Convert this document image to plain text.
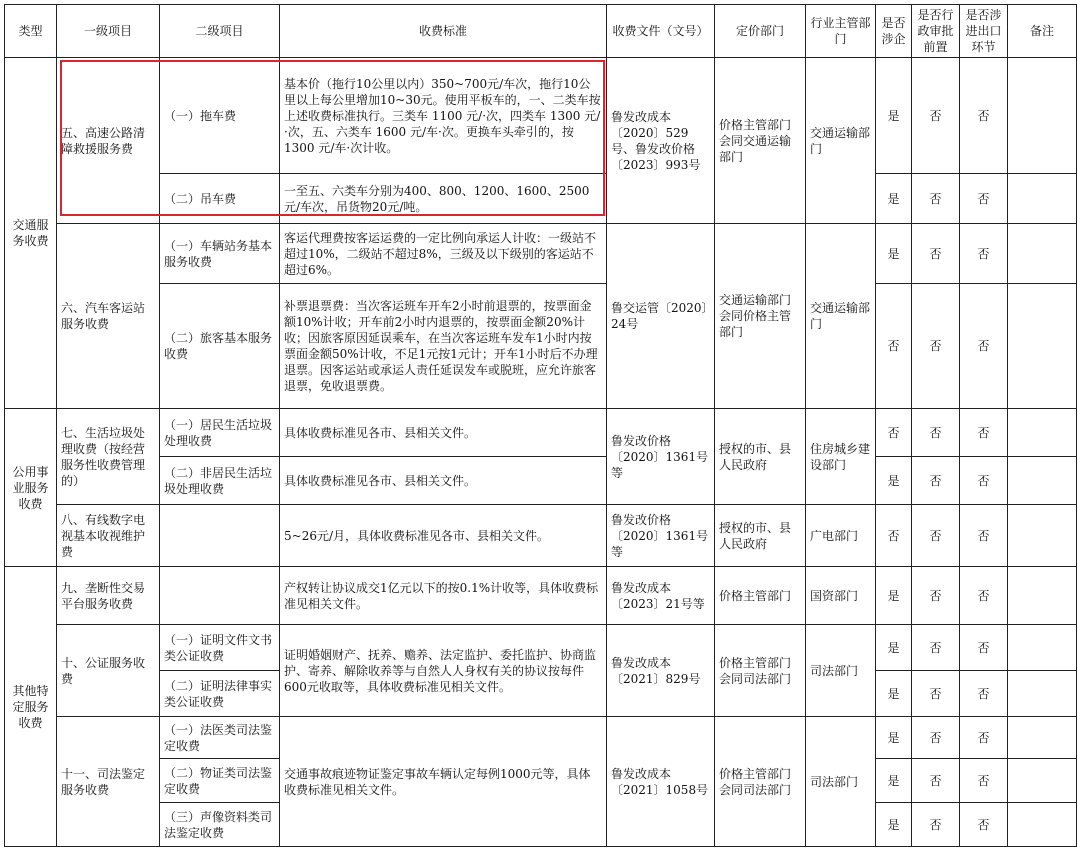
类型	一级项目	二级项目	收费标准	收费文件（文号）	定价部门	行业主管部门	是否涉企	是否行政审批前置	是否涉进出口环节	备注
交通服务收费	五、高速公路清障救援服务费	（一）拖车费	基本价（拖行10公里以内）350~700元/车次，拖行10公里以上每公里增加10~30元。使用平板车的，一、二类车按上述收费标准执行。三类车 1100 元/·次，四类车 1300 元/·次，五、六类车 1600 元/车·次。更换车头牵引的，按 1300 元/车·次计收。	鲁发改成本〔2020〕529号、鲁发改价格〔2023〕993号	价格主管部门会同交通运输部门	交通运输部门	是	否	否	
		（二）吊车费	一至五、六类车分别为400、800、1200、1600、2500元/车次，吊货物20元/吨。				是	否	否	
	六、汽车客运站服务收费	（一）车辆站务基本服务收费	客运代理费按客运运费的一定比例向承运人计收：一级站不超过10%，二级站不超过8%，三级及以下级别的客运站不超过6%。	鲁交运管〔2020〕24号	交通运输部门会同价格主管部门	交通运输部门	是	否	否	
		（二）旅客基本服务收费	补票退票费：当次客运班车开车2小时前退票的，按票面金额10%计收；开车前2小时内退票的，按票面金额20%计收；因旅客原因延误乘车，在当次客运班车发车1小时内按票面金额50%计收，不足1元按1元计；开车1小时后不办理退票。因客运站或承运人责任延误发车或脱班，应允许旅客退票，免收退票费。				否	否	否	

公用事业服务收费	七、生活垃圾处理收费（按经营服务性收费管理的）	（一）居民生活垃圾处理收费	具体收费标准见各市、县相关文件。	鲁发改价格〔2020〕1361号等	授权的市、县人民政府	住房城乡建设部门	否	否	否	
		（二）非居民生活垃圾处理收费	具体收费标准见各市、县相关文件。				是	否	否	
	八、有线数字电视基本收视维护费		5~26元/月，具体收费标准见各市、县相关文件。	鲁发改价格〔2020〕1361号等	授权的市、县人民政府	广电部门	否	否	否	
其他特定服务收费	九、垄断性交易平台服务收费		产权转让协议成交1亿元以下的按0.1%计收等，具体收费标准见相关文件。	鲁发改成本〔2023〕21号等	价格主管部门	国资部门	是	否	否	
	十、公证服务收费	（一）证明文件文书类公证收费	证明婚姻财产、抚养、赡养、法定监护、委托监护、协商监护、寄养、解除收养等与自然人人身权有关的协议按每件600元收取等，具体收费标准见相关文件。	鲁发改成本〔2021〕829号	价格主管部门会同司法部门	司法部门	是	否	否	
		（二）证明法律事实类公证收费					是	否	否	
	十一、司法鉴定服务收费	（一）法医类司法鉴定收费	交通事故痕迹物证鉴定事故车辆认定每例1000元等，具体收费标准见相关文件。	鲁发改成本〔2021〕1058号	价格主管部门会同司法部门	司法部门	是	否	否	
		（二）物证类司法鉴定收费					是	否	否	
		（三）声像资料类司法鉴定收费					是	否	否	
